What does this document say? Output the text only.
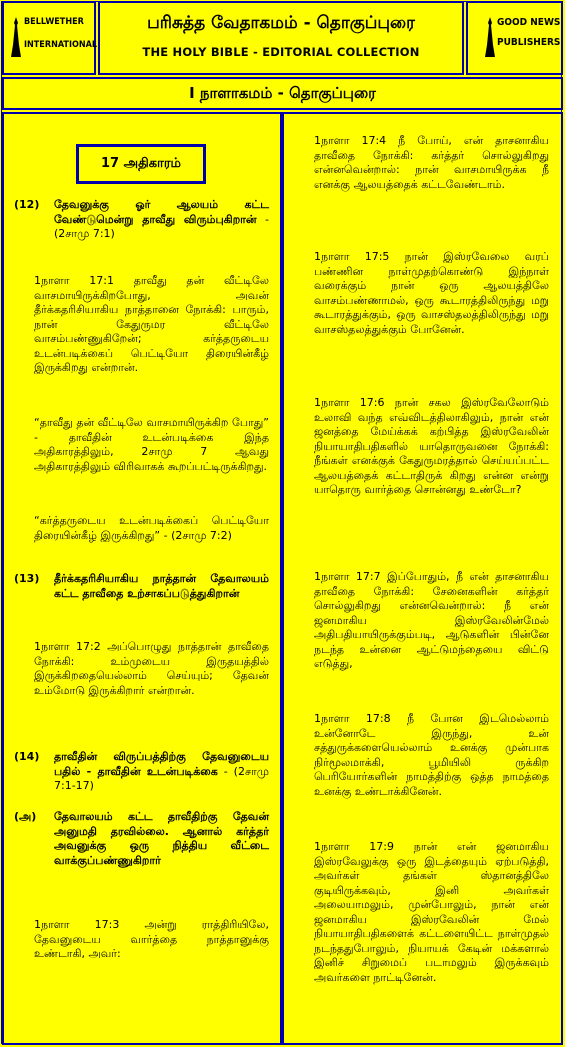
BELLWETHER
INTERNATIONAL
பரிசுத்த வேதாகமம் - தொகுப்புரை
THE HOLY BIBLE - EDITORIAL COLLECTION
GOOD NEWS
PUBLISHERS
I நாளாகமம் - தொகுப்புரை
17 அதிகாரம்
(12) தேவனுக்கு ஓர் ஆலயம் கட்ட வேண்டுமென்று தாவீது விரும்புகிறான் - (2சாமு 7:1)
1நாளா 17:1 தாவீது தன் வீட்டிலே வாசமாயிருக்கிறபோது, அவன் தீர்க்கதரிசியாகிய நாத்தானை நோக்கி: பாரும், நான் கேதுருமர வீட்டிலே வாசம்பண்ணுகிறேன்; கர்த்தருடைய உடன்படிக்கைப் பெட்டியோ திரையின்கீழ் இருக்கிறது என்றான்.
“தாவீது தன் வீட்டிலே வாசமாயிருக்கிற போது” - தாவீதின் உடன்படிக்கை இந்த அதிகாரத்திலும், 2சாமு 7 ஆவது அதிகாரத்திலும் விரிவாகக் கூறப்பட்டிருக்கிறது.
“கர்த்தருடைய உடன்படிக்கைப் பெட்டியோ திரையின்கீழ் இருக்கிறது” - (2சாமு 7:2)
(13) தீர்க்கதரிசியாகிய நாத்தான் தேவாலயம் கட்ட தாவீதை உற்சாகப்படுத்துகிறான்
1நாளா 17:2 அப்பொழுது நாத்தான் தாவீதை நோக்கி: உம்முடைய இருதயத்தில் இருக்கிறதையெல்லாம் செய்யும்; தேவன் உம்மோடு இருக்கிறார் என்றான்.
(14) தாவீதின் விருப்பத்திற்கு தேவனுடைய பதில் - தாவீதின் உடன்படிக்கை - (2சாமு 7:1-17)
(அ) தேவாலயம் கட்ட தாவீதிற்கு தேவன் அனுமதி தரவில்லை. ஆனால் கர்த்தர் அவனுக்கு ஒரு நித்திய வீட்டை வாக்குப்பண்ணுகிறார்
1நாளா 17:3 அன்று ராத்திரியிலே, தேவனுடைய வார்த்தை நாத்தானுக்கு உண்டாகி, அவர்:
1நாளா 17:4 நீ போய், என் தாசனாகிய தாவீதை நோக்கி: கர்த்தர் சொல்லுகிறது என்னவென்றால்: நான் வாசமாயிருக்க நீ எனக்கு ஆலயத்தைக் கட்டவேண்டாம்.
1நாளா 17:5 நான் இஸ்ரவேலை வரப் பண்ணின நாள்முதற்கொண்டு இந்நாள் வரைக்கும் நான் ஒரு ஆலயத்திலே வாசம்பண்ணாமல், ஒரு கூடாரத்திலிருந்து மறு கூடாரத்துக்கும், ஒரு வாசஸ்தலத்திலிருந்து மறு வாசஸ்தலத்துக்கும் போனேன்.
1நாளா 17:6 நான் சகல இஸ்ரவேலோடும் உலாவி வந்த எவ்விடத்திலாகிலும், நான் என் ஜனத்தை மேய்க்கக் கற்பித்த இஸ்ரவேலின் நியாயாதிபதிகளில் யாதொருவனை நோக்கி: நீங்கள் எனக்குக் கேதுருமரத்தால் செய்யப்பட்ட ஆலயத்தைக் கட்டாதிருக் கிறது என்ன என்று யாதொரு வார்த்தை சொன்னது உண்டோ?
1நாளா 17:7 இப்போதும், நீ என் தாசனாகிய தாவீதை நோக்கி: சேனைகளின் கர்த்தர் சொல்லுகிறது என்னவென்றால்: நீ என் ஜனமாகிய இஸ்ரவேலின்மேல் அதிபதியாயிருக்கும்படி, ஆடுகளின் பின்னே நடந்த உன்னை ஆட்டுமந்தையை விட்டு எடுத்து,
1நாளா 17:8 நீ போன இடமெல்லாம் உன்னோடே இருந்து, உன் சத்துருக்களையெல்லாம் உனக்கு முன்பாக நிர்மூலமாக்கி, பூமியிலி ருக்கிற பெரியோர்களின் நாமத்திற்கு ஒத்த நாமத்தை உனக்கு உண்டாக்கினேன்.
1நாளா 17:9 நான் என் ஜனமாகிய இஸ்ரவேலுக்கு ஒரு இடத்தையும் ஏற்படுத்தி, அவர்கள் தங்கள் ஸ்தானத்திலே குடியிருக்கவும், இனி அவர்கள் அலையாமலும், முன்போலும், நான் என் ஜனமாகிய இஸ்ரவேலின் மேல் நியாயாதிபதிகளைக் கட்டளையிட்ட நாள்முதல் நடந்ததுபோலும், நியாயக் கேடின் மக்களால் இனிச் சிறுமைப் படாமலும் இருக்கவும் அவர்களை நாட்டினேன்.
